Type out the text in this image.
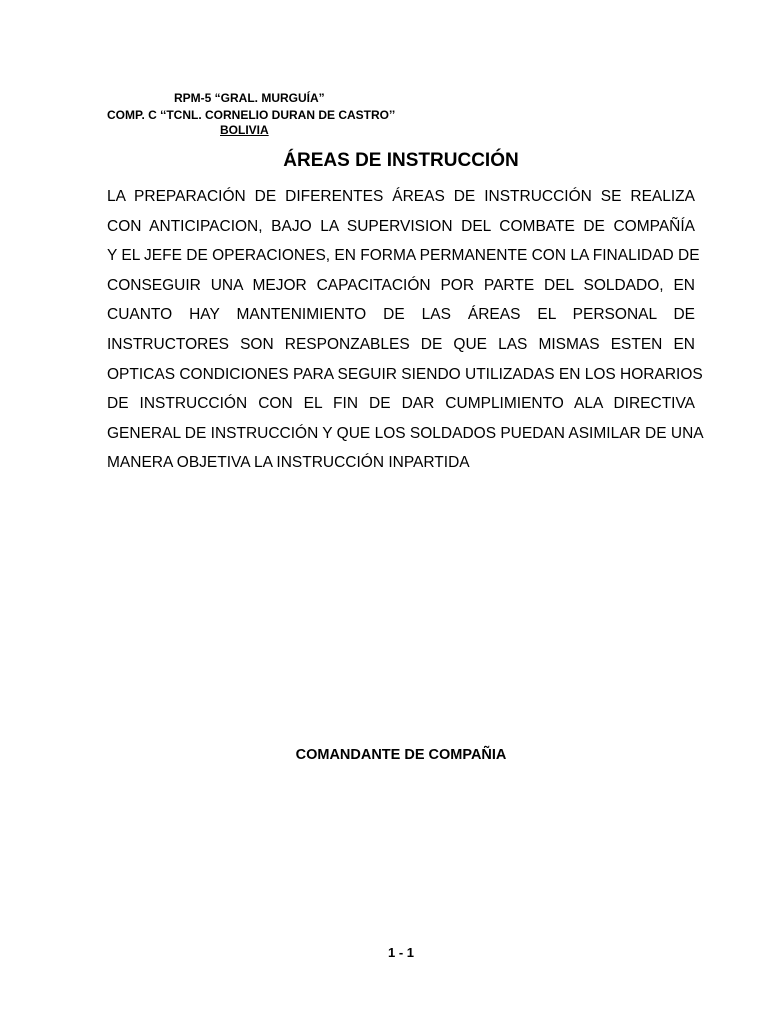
RPM-5 “GRAL. MURGUÍA”
COMP. C ‘‘TCNL. CORNELIO DURAN DE CASTRO’’
BOLIVIA
ÁREAS DE INSTRUCCIÓN
LA PREPARACIÓN DE DIFERENTES ÁREAS DE INSTRUCCIÓN SE REALIZA
CON ANTICIPACION, BAJO LA SUPERVISION DEL COMBATE DE COMPAÑÍA
Y EL JEFE DE OPERACIONES, EN FORMA PERMANENTE CON LA FINALIDAD DE
CONSEGUIR UNA MEJOR CAPACITACIÓN POR PARTE DEL SOLDADO, EN
CUANTO HAY MANTENIMIENTO DE LAS ÁREAS EL PERSONAL DE
INSTRUCTORES SON RESPONZABLES DE QUE LAS MISMAS ESTEN EN
OPTICAS CONDICIONES PARA SEGUIR SIENDO UTILIZADAS EN LOS HORARIOS
DE INSTRUCCIÓN CON EL FIN DE DAR CUMPLIMIENTO ALA DIRECTIVA
GENERAL DE INSTRUCCIÓN Y QUE LOS SOLDADOS PUEDAN ASIMILAR DE UNA
MANERA OBJETIVA LA INSTRUCCIÓN INPARTIDA
COMANDANTE DE COMPAÑIA
1 - 1
